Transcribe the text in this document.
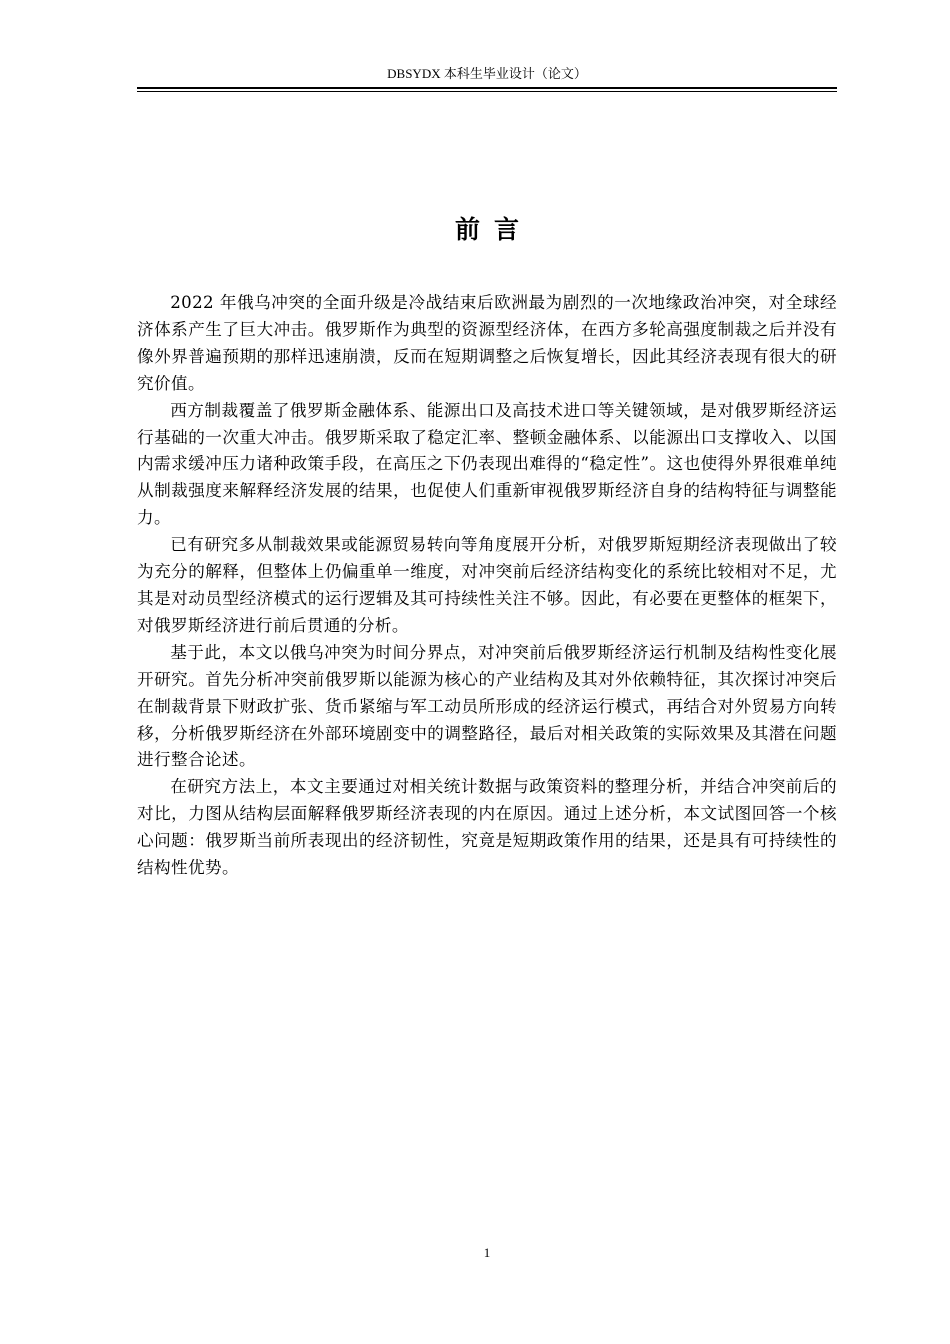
DBSYDX 本科生毕业设计（论文）
前言

2022 年俄乌冲突的全面升级是冷战结束后欧洲最为剧烈的一次地缘政治冲突，对全球经济体系产生了巨大冲击。俄罗斯作为典型的资源型经济体，在西方多轮高强度制裁之后并没有像外界普遍预期的那样迅速崩溃，反而在短期调整之后恢复增长，因此其经济表现有很大的研究价值。

西方制裁覆盖了俄罗斯金融体系、能源出口及高技术进口等关键领域，是对俄罗斯经济运行基础的一次重大冲击。俄罗斯采取了稳定汇率、整顿金融体系、以能源出口支撑收入、以国内需求缓冲压力诸种政策手段，在高压之下仍表现出难得的“稳定性”。这也使得外界很难单纯从制裁强度来解释经济发展的结果，也促使人们重新审视俄罗斯经济自身的结构特征与调整能力。

已有研究多从制裁效果或能源贸易转向等角度展开分析，对俄罗斯短期经济表现做出了较为充分的解释，但整体上仍偏重单一维度，对冲突前后经济结构变化的系统比较相对不足，尤其是对动员型经济模式的运行逻辑及其可持续性关注不够。因此，有必要在更整体的框架下，对俄罗斯经济进行前后贯通的分析。

基于此，本文以俄乌冲突为时间分界点，对冲突前后俄罗斯经济运行机制及结构性变化展开研究。首先分析冲突前俄罗斯以能源为核心的产业结构及其对外依赖特征，其次探讨冲突后在制裁背景下财政扩张、货币紧缩与军工动员所形成的经济运行模式，再结合对外贸易方向转移，分析俄罗斯经济在外部环境剧变中的调整路径，最后对相关政策的实际效果及其潜在问题进行整合论述。

在研究方法上，本文主要通过对相关统计数据与政策资料的整理分析，并结合冲突前后的对比，力图从结构层面解释俄罗斯经济表现的内在原因。通过上述分析，本文试图回答一个核心问题：俄罗斯当前所表现出的经济韧性，究竟是短期政策作用的结果，还是具有可持续性的结构性优势。

1
